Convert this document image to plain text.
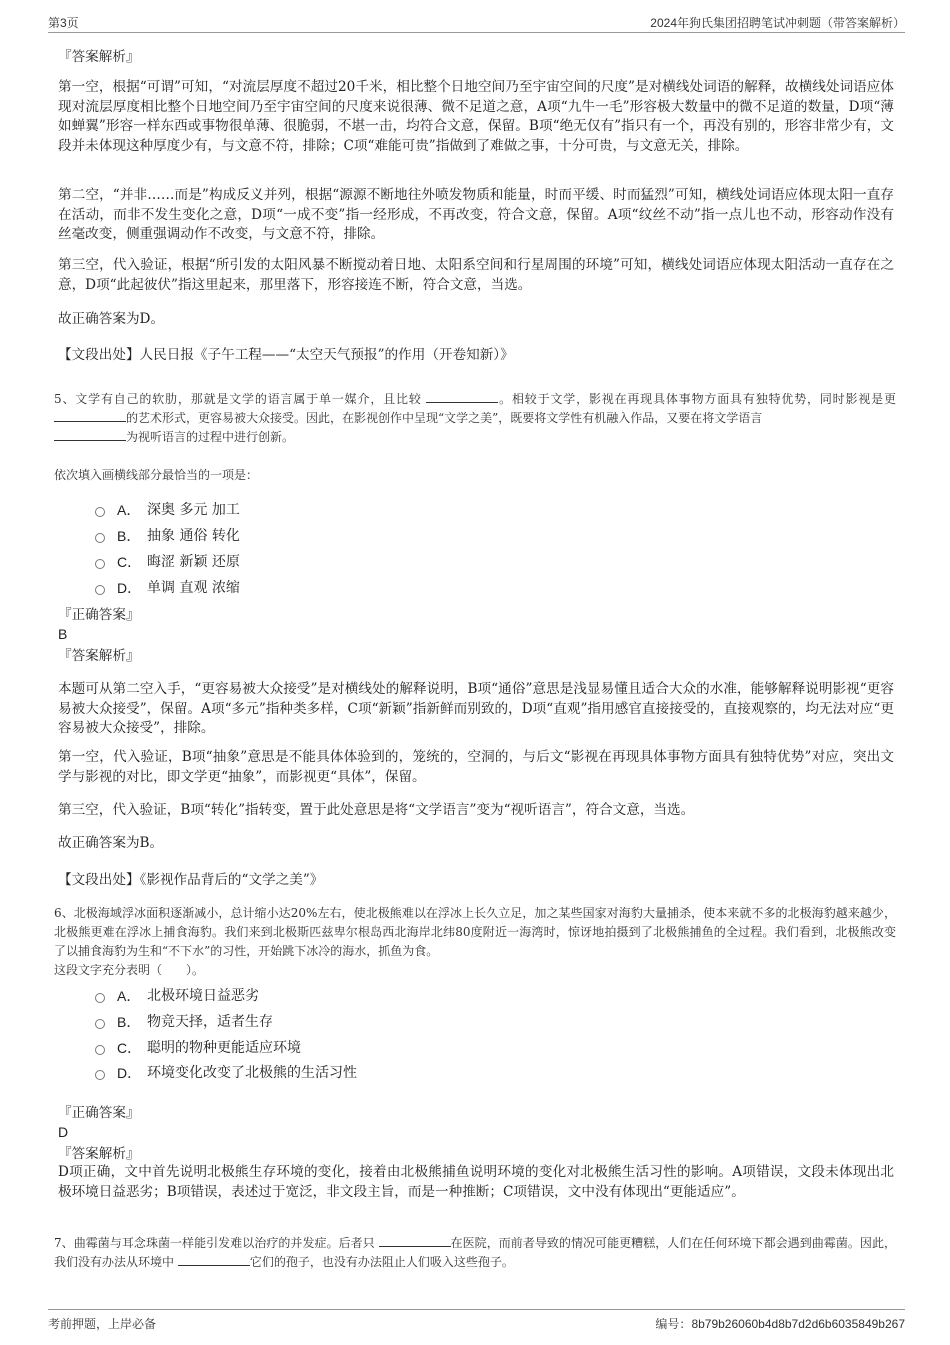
第3页	2024年狗氏集团招聘笔试冲刺题（带答案解析）
『答案解析』
第一空，根据“可谓”可知，“对流层厚度不超过20千米，相比整个日地空间乃至宇宙空间的尺度”是对横线处词语的解释，故横线处词语应体现对流层厚度相比整个日地空间乃至宇宙空间的尺度来说很薄、微不足道之意，A项“九牛一毛”形容极大数量中的微不足道的数量，D项“薄如蝉翼”形容一样东西或事物很单薄、很脆弱，不堪一击，均符合文意，保留。B项“绝无仅有”指只有一个，再没有别的，形容非常少有，文段并未体现这种厚度少有，与文意不符，排除；C项“难能可贵”指做到了难做之事，十分可贵，与文意无关，排除。
第二空，“并非……而是”构成反义并列，根据“源源不断地往外喷发物质和能量，时而平缓、时而猛烈”可知，横线处词语应体现太阳一直存在活动，而非不发生变化之意，D项“一成不变”指一经形成，不再改变，符合文意，保留。A项“纹丝不动”指一点儿也不动，形容动作没有丝毫改变，侧重强调动作不改变，与文意不符，排除。
第三空，代入验证，根据“所引发的太阳风暴不断搅动着日地、太阳系空间和行星周围的环境”可知，横线处词语应体现太阳活动一直存在之意，D项“此起彼伏”指这里起来，那里落下，形容接连不断，符合文意，当选。
故正确答案为D。
【文段出处】人民日报《子午工程——“太空天气预报”的作用（开卷知新）》
5、文学有自己的软肋，那就是文学的语言属于单一媒介，且比较	。相较于文学，影视在再现具体事物方面具有独特优势，同时影视是更的艺术形式，更容易被大众接受。因此，在影视创作中呈现“文学之美”，既要将文学性有机融入作品，又要在将文学语言
为视听语言的过程中进行创新。
依次填入画横线部分最恰当的一项是：
A． 深奥 多元 加工
B． 抽象 通俗 转化
C． 晦涩 新颖 还原
D． 单调 直观 浓缩
『正确答案』
B
『答案解析』
本题可从第二空入手，“更容易被大众接受”是对横线处的解释说明，B项“通俗”意思是浅显易懂且适合大众的水准，能够解释说明影视“更容易被大众接受”，保留。A项“多元”指种类多样，C项“新颖”指新鲜而别致的，D项“直观”指用感官直接接受的，直接观察的，均无法对应“更容易被大众接受”，排除。
第一空，代入验证，B项“抽象”意思是不能具体体验到的，笼统的，空洞的，与后文“影视在再现具体事物方面具有独特优势”对应，突出文学与影视的对比，即文学更“抽象”，而影视更“具体”，保留。
第三空，代入验证，B项“转化”指转变，置于此处意思是将“文学语言”变为“视听语言”，符合文意，当选。
故正确答案为B。
【文段出处】《影视作品背后的“文学之美”》
6、北极海域浮冰面积逐渐减小，总计缩小达20%左右，使北极熊难以在浮冰上长久立足，加之某些国家对海豹大量捕杀，使本来就不多的北极海豹越来越少，北极熊更难在浮冰上捕食海豹。我们来到北极斯匹兹卑尔根岛西北海岸北纬80度附近一海湾时，惊讶地拍摄到了北极熊捕鱼的全过程。我们看到，北极熊改变了以捕食海豹为生和“不下水”的习性，开始跳下冰冷的海水，抓鱼为食。
这段文字充分表明（　　）。
A． 北极环境日益恶劣
B． 物竞天择，适者生存
C． 聪明的物种更能适应环境
D． 环境变化改变了北极熊的生活习性
『正确答案』
D
『答案解析』
D项正确，文中首先说明北极熊生存环境的变化，接着由北极熊捕鱼说明环境的变化对北极熊生活习性的影响。A项错误，文段未体现出北极环境日益恶劣；B项错误，表述过于宽泛，非文段主旨，而是一种推断；C项错误，文中没有体现出“更能适应”。
7、曲霉菌与耳念珠菌一样能引发难以治疗的并发症。后者只	在医院，而前者导致的情况可能更糟糕，人们在任何环境下都会遇到曲霉菌。因此，我们没有办法从环境中	它们的孢子，也没有办法阻止人们吸入这些孢子。
考前押题，上岸必备	编号：8b79b26060b4d8b7d2d6b6035849b267
